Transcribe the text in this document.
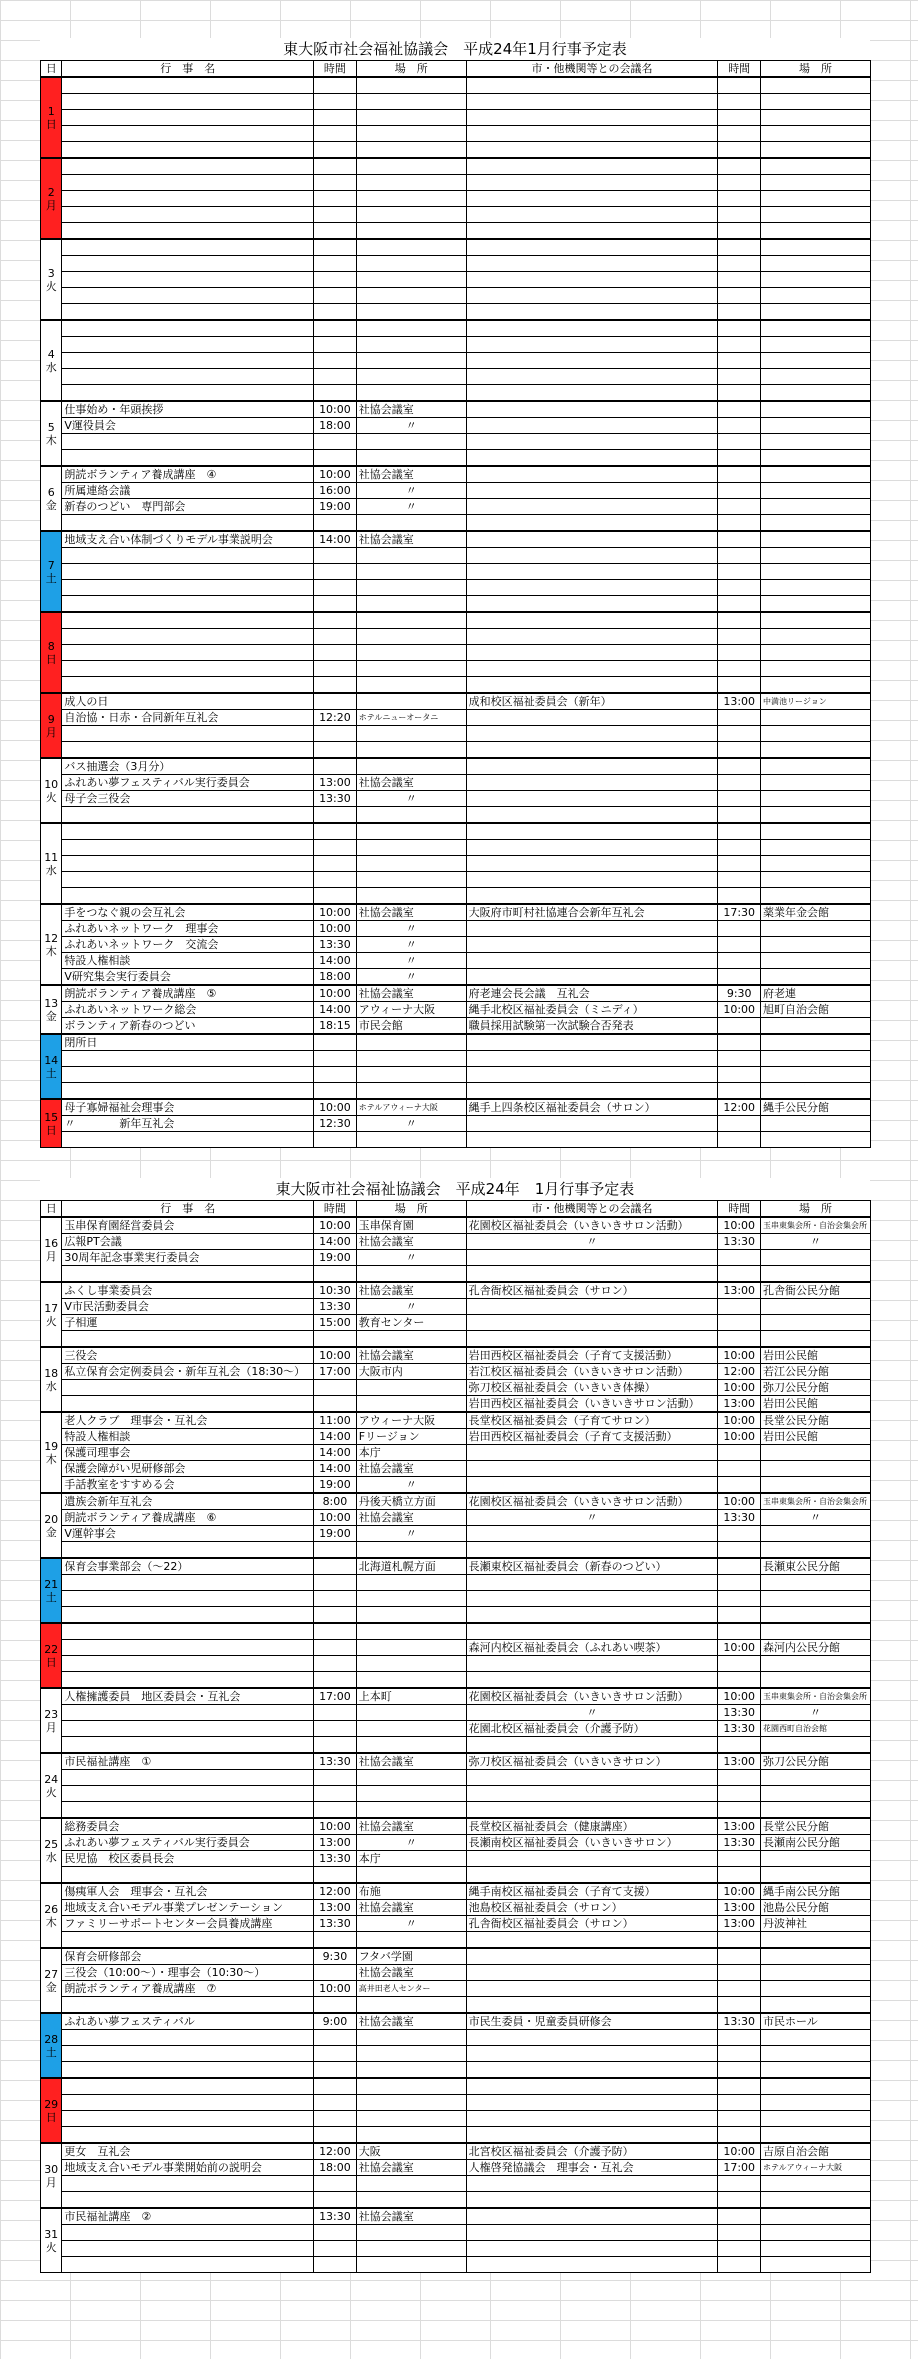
東大阪市社会福祉協議会　平成24年1月行事予定表
日	行　事　名	時間	場　所	市・他機関等との会議名	時間	場　所
1
日						

2
月						

3
火						

4
水						

5
木	仕事始め・年頭挨拶	10:00	社協会議室			
	V運役員会	18:00	〃			

6
金	朗読ボランティア養成講座　④	10:00	社協会議室			
	所属連絡会議	16:00	〃			
	新春のつどい　専門部会	19:00	〃			

7
土	地域支え合い体制づくりモデル事業説明会	14:00	社協会議室			

8
日						

9
月	成人の日			成和校区福祉委員会（新年）	13:00	中満池リージョン
	自治協・日赤・合同新年互礼会	12:20	ホテルニューオータニ			

10
火	バス抽選会（3月分）					
	ふれあい夢フェスティバル実行委員会	13:00	社協会議室			
	母子会三役会	13:30	〃			

11
水						

12
木	手をつなぐ親の会互礼会	10:00	社協会議室	大阪府市町村社協連合会新年互礼会	17:30	薬業年金会館
	ふれあいネットワーク　理事会	10:00	〃			
	ふれあいネットワーク　交流会	13:30	〃			
	特設人権相談	14:00	〃			
	V研究集会実行委員会	18:00	〃			
13
金	朗読ボランティア養成講座　⑤	10:00	社協会議室	府老連会長会議　互礼会	9:30	府老連
	ふれあいネットワーク総会	14:00	アウィーナ大阪	縄手北校区福祉委員会（ミニディ）	10:00	旭町自治会館
	ボランティア新春のつどい	18:15	市民会館	職員採用試験第一次試験合否発表		
14
土	閉所日					

15
日	母子寡婦福祉会理事会	10:00	ホテルアウィーナ大阪	縄手上四条校区福祉委員会（サロン）	12:00	縄手公民分館
	〃　　　　新年互礼会	12:30	〃			

東大阪市社会福祉協議会　平成24年　1月行事予定表
日	行　事　名	時間	場　所	市・他機関等との会議名	時間	場　所
16
月	玉串保育園経営委員会	10:00	玉串保育園	花園校区福祉委員会（いきいきサロン活動）	10:00	玉串東集会所・自治会集会所
	広報PT会議	14:00	社協会議室	〃	13:30	〃
	30周年記念事業実行委員会	19:00	〃			

17
火	ふくし事業委員会	10:30	社協会議室	孔舎衙校区福祉委員会（サロン）	13:00	孔舎衙公民分館
	V市民活動委員会	13:30	〃			
	子相運	15:00	教育センター			

18
水	三役会	10:00	社協会議室	岩田西校区福祉委員会（子育て支援活動）	10:00	岩田公民館
	私立保育会定例委員会・新年互礼会（18:30～）	17:00	大阪市内	若江校区福祉委員会（いきいきサロン活動）	12:00	若江公民分館
				弥刀校区福祉委員会（いきいき体操）	10:00	弥刀公民分館
				岩田西校区福祉委員会（いきいきサロン活動）	13:00	岩田公民館
19
木	老人クラブ　理事会・互礼会	11:00	アウィーナ大阪	長堂校区福祉委員会（子育てサロン）	10:00	長堂公民分館
	特設人権相談	14:00	Fリージョン	岩田西校区福祉委員会（子育て支援活動）	10:00	岩田公民館
	保護司理事会	14:00	本庁			
	保護会障がい児研修部会	14:00	社協会議室			
	手話教室をすすめる会	19:00	〃			
20
金	遺族会新年互礼会	8:00	丹後天橋立方面	花園校区福祉委員会（いきいきサロン活動）	10:00	玉串東集会所・自治会集会所
	朗読ボランティア養成講座　⑥	10:00	社協会議室	〃	13:30	〃
	V運幹事会	19:00	〃			

21
土	保育会事業部会（～22）		北海道札幌方面	長瀬東校区福祉委員会（新春のつどい）		長瀬東公民分館

22
日						
				森河内校区福祉委員会（ふれあい喫茶）	10:00	森河内公民分館

23
月	人権擁護委員　地区委員会・互礼会	17:00	上本町	花園校区福祉委員会（いきいきサロン活動）	10:00	玉串東集会所・自治会集会所
				〃	13:30	〃
				花園北校区福祉委員会（介護予防）	13:30	花園西町自治会館

24
火	市民福祉講座　①	13:30	社協会議室	弥刀校区福祉委員会（いきいきサロン）	13:00	弥刀公民分館

25
水	総務委員会	10:00	社協会議室	長堂校区福祉委員会（健康講座）	13:00	長堂公民分館
	ふれあい夢フェスティバル実行委員会	13:00	〃	長瀬南校区福祉委員会（いきいきサロン）	13:30	長瀬南公民分館
	民児協　校区委員長会	13:30	本庁			

26
木	傷痍軍人会　理事会・互礼会	12:00	布施	縄手南校区福祉委員会（子育て支援）	10:00	縄手南公民分館
	地域支え合いモデル事業プレゼンテーション	13:00	社協会議室	池島校区福祉委員会（サロン）	13:00	池島公民分館
	ファミリーサポートセンター会員養成講座	13:30	〃	孔舎衙校区福祉委員会（サロン）	13:00	丹波神社

27
金	保育会研修部会	9:30	フタバ学園			
	三役会（10:00～）・理事会（10:30～）		社協会議室			
	朗読ボランティア養成講座　⑦	10:00	高井田老人センター			

28
土	ふれあい夢フェスティバル	9:00	社協会議室	市民生委員・児童委員研修会	13:30	市民ホール

29
日						

30
月	更女　互礼会	12:00	大阪	北宮校区福祉委員会（介護予防）	10:00	吉原自治会館
	地域支え合いモデル事業開始前の説明会	18:00	社協会議室	人権啓発協議会　理事会・互礼会	17:00	ホテルアウィーナ大阪

31
火	市民福祉講座　②	13:30	社協会議室			
